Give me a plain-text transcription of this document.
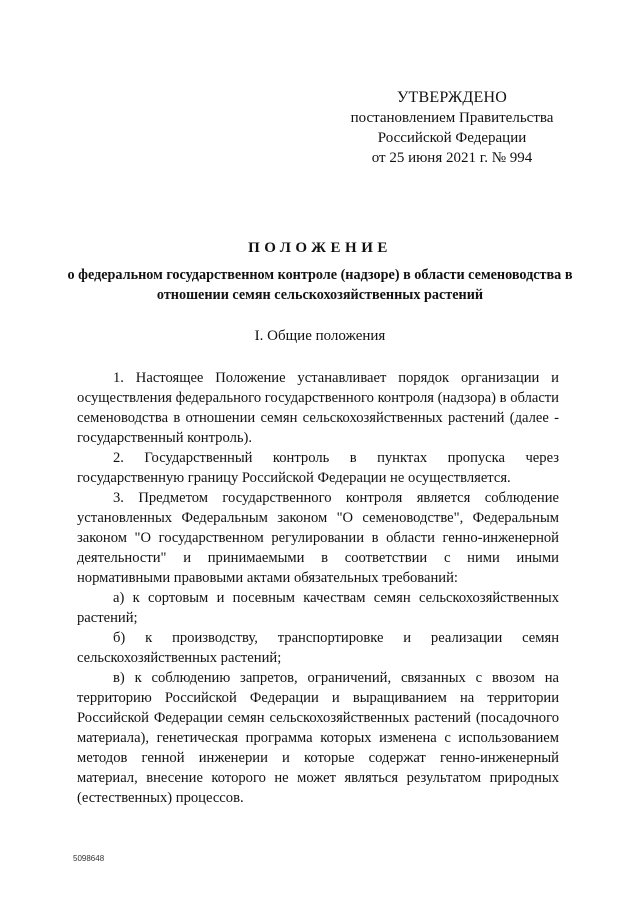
УТВЕРЖДЕНО
постановлением Правительства
Российской Федерации
от 25 июня 2021 г. № 994
ПОЛОЖЕНИЕ
о федеральном государственном контроле (надзоре) в области семеноводства в отношении семян сельскохозяйственных растений
I. Общие положения

1. Настоящее Положение устанавливает порядок организации и осуществления федерального государственного контроля (надзора) в области семеноводства в отношении семян сельскохозяйственных растений (далее - государственный контроль).

2. Государственный контроль в пунктах пропуска через государственную границу Российской Федерации не осуществляется.

3. Предметом государственного контроля является соблюдение установленных Федеральным законом "О семеноводстве", Федеральным законом "О государственном регулировании в области генно-инженерной деятельности" и принимаемыми в соответствии с ними иными нормативными правовыми актами обязательных требований:

а) к сортовым и посевным качествам семян сельскохозяйственных растений;

б) к производству, транспортировке и реализации семян сельскохозяйственных растений;

в) к соблюдению запретов, ограничений, связанных с ввозом на территорию Российской Федерации и выращиванием на территории Российской Федерации семян сельскохозяйственных растений (посадочного материала), генетическая программа которых изменена с использованием методов генной инженерии и которые содержат генно-инженерный материал, внесение которого не может являться результатом природных (естественных) процессов.

5098648
